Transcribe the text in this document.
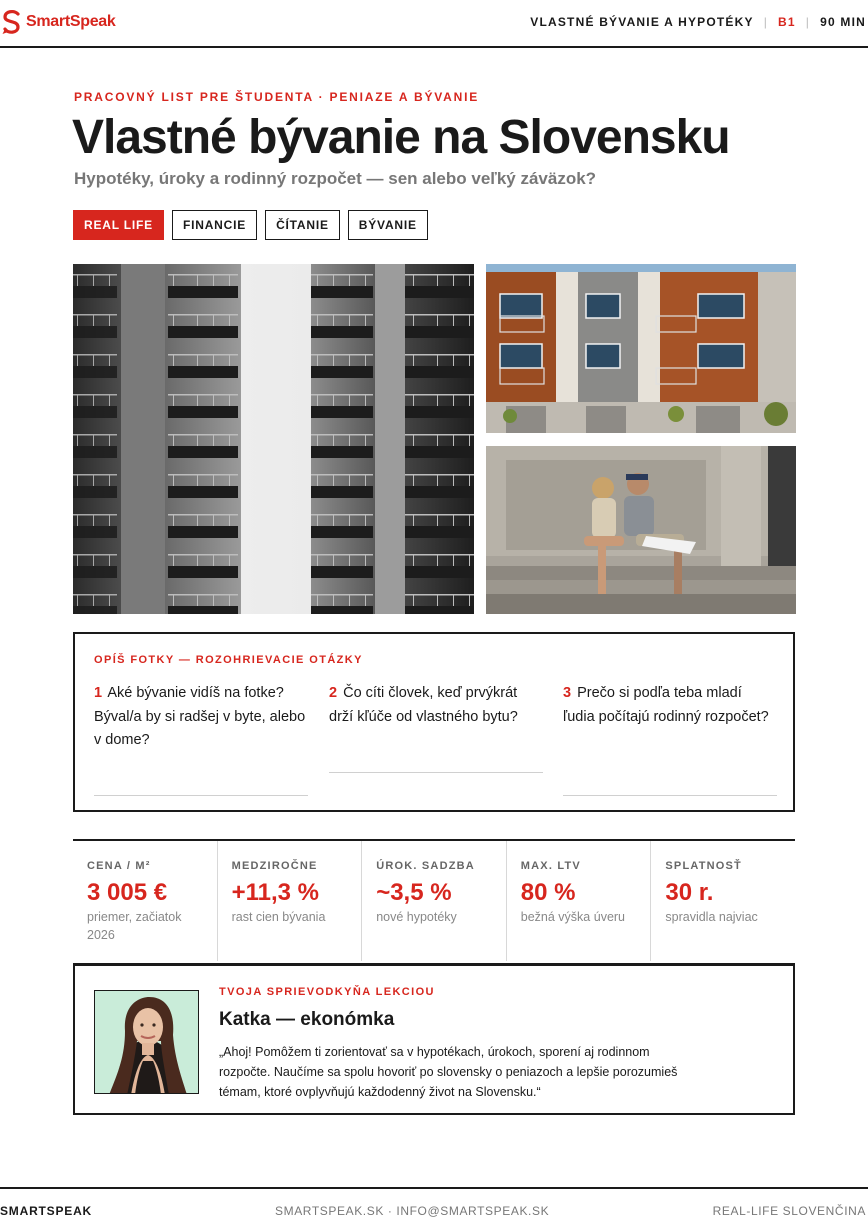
SmartSpeak	VLASTNÉ BÝVANIE A HYPOTÉKY | B1 | 90 MIN
PRACOVNÝ LIST PRE ŠTUDENTA · PENIAZE A BÝVANIE
Vlastné bývanie na Slovensku
Hypotéky, úroky a rodinný rozpočet — sen alebo veľký záväzok?
REAL LIFE	FINANCIE	ČÍTANIE	BÝVANIE
OPÍŠ FOTKY — ROZOHRIEVACIE OTÁZKY
1 Aké bývanie vidíš na fotke? Býval/a by si radšej v byte, alebo v dome?
2 Čo cíti človek, keď prvýkrát drží kľúče od vlastného bytu?
3 Prečo si podľa teba mladí ľudia počítajú rodinný rozpočet?
CENA / M²
3 005 €
priemer, začiatok 2026
MEDZIROČNE
+11,3 %
rast cien bývania
ÚROK. SADZBA
~3,5 %
nové hypotéky
MAX. LTV
80 %
bežná výška úveru
SPLATNOSŤ
30 r.
spravidla najviac
TVOJA SPRIEVODKYŇA LEKCIOU
Katka — ekonómka
„Ahoj! Pomôžem ti zorientovať sa v hypotékach, úrokoch, sporení aj rodinnom rozpočte. Naučíme sa spolu hovoriť po slovensky o peniazoch a lepšie porozumieš témam, ktoré ovplyvňujú každodenný život na Slovensku.“
SMARTSPEAK	SMARTSPEAK.SK · INFO@SMARTSPEAK.SK	REAL-LIFE SLOVENČINA
